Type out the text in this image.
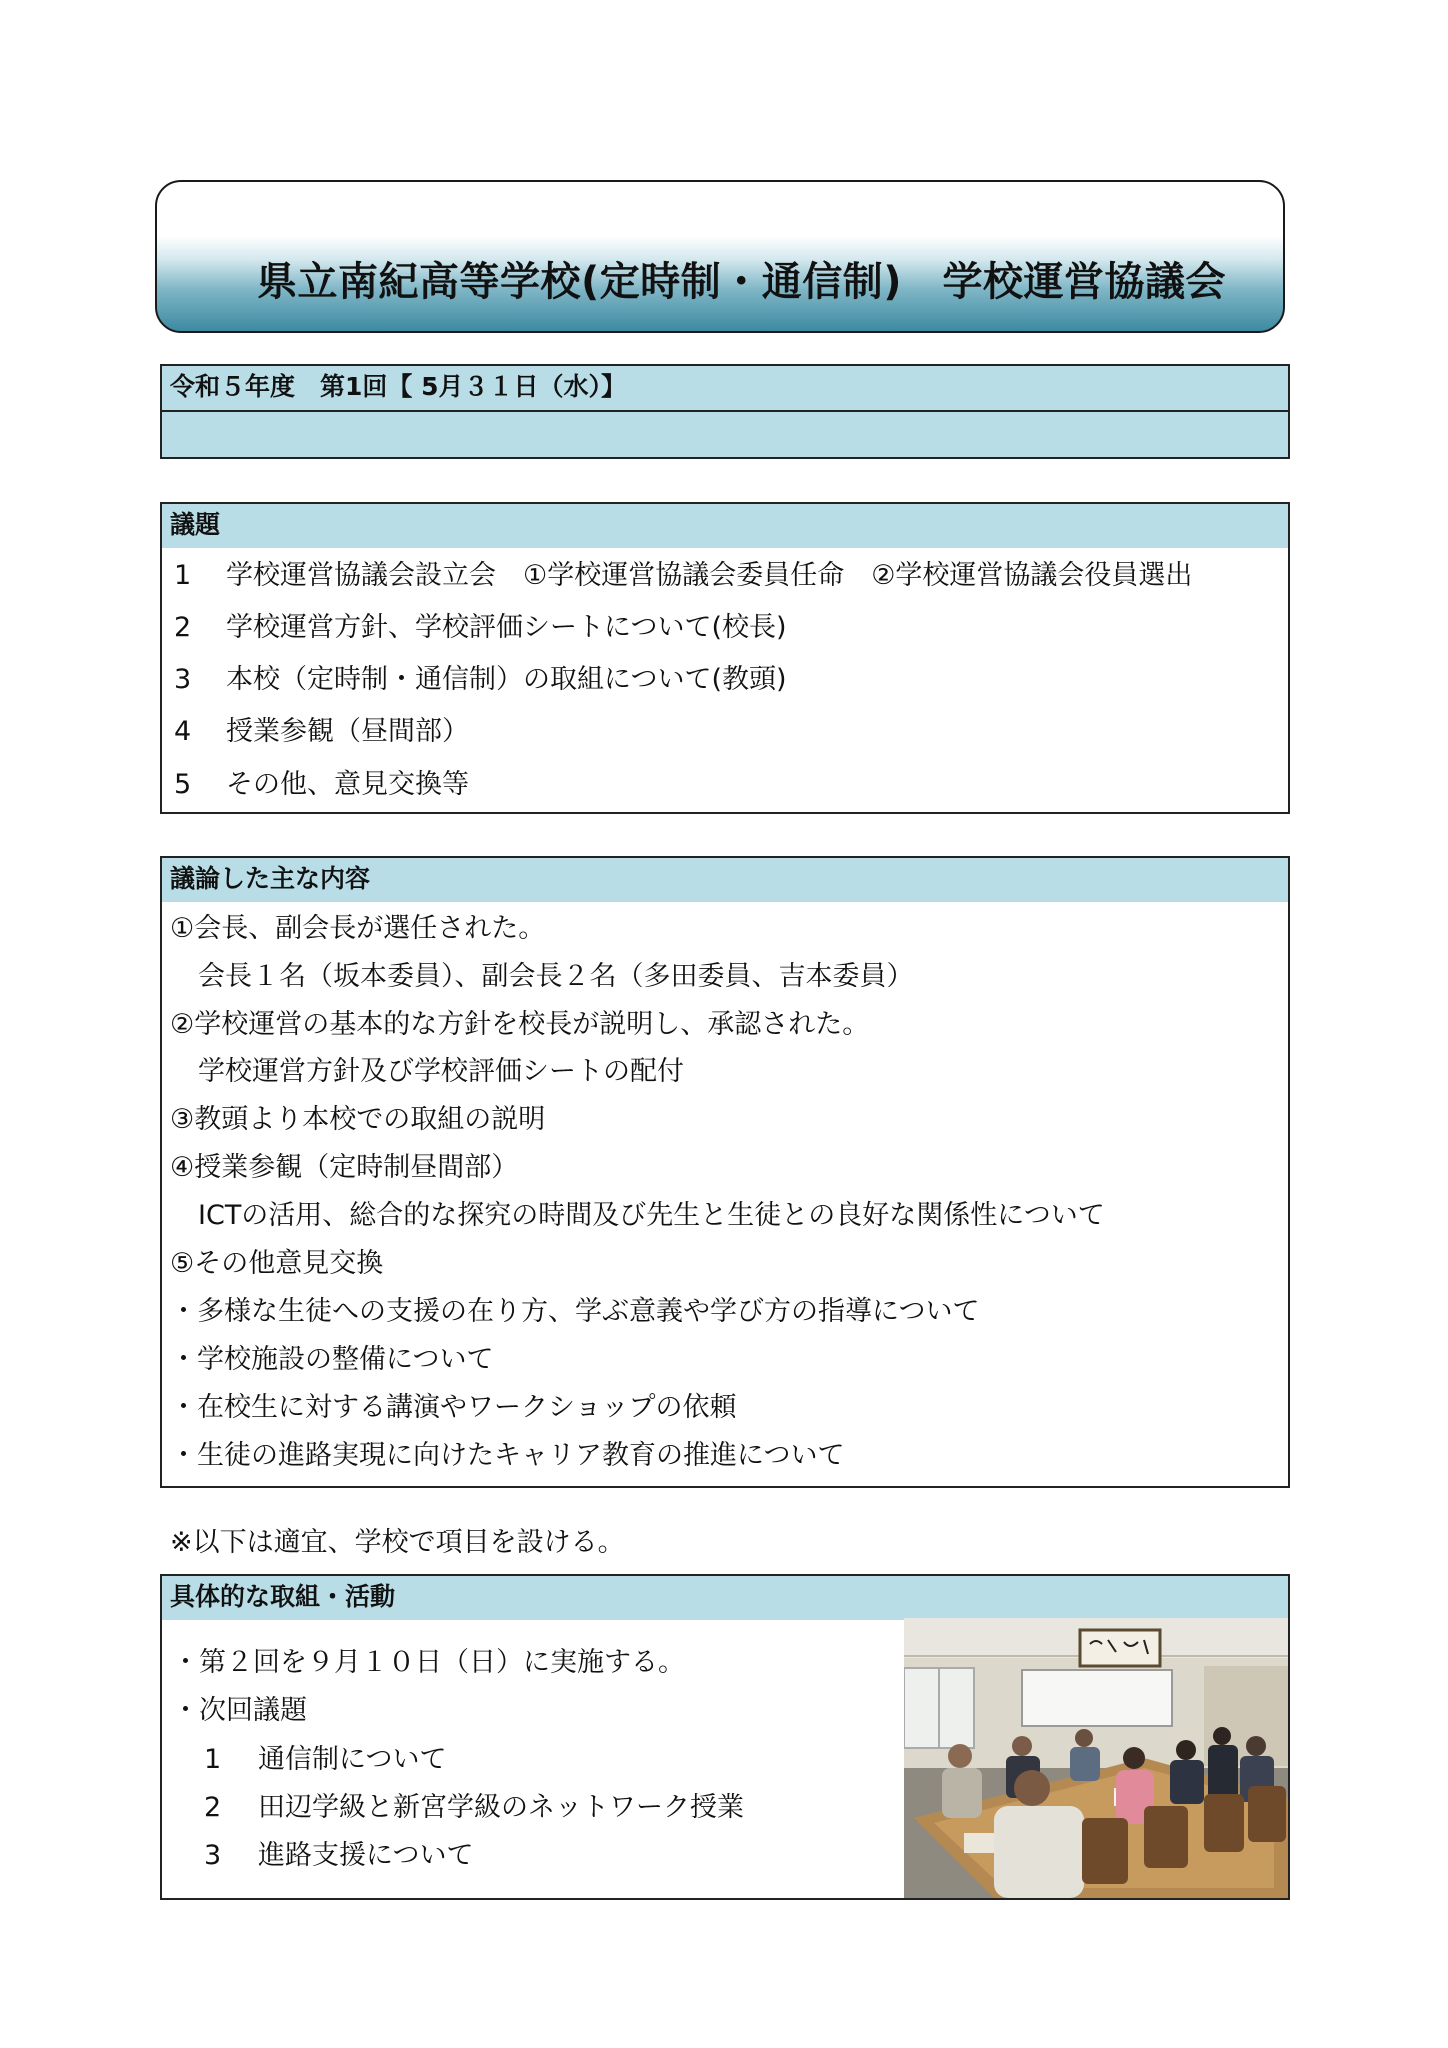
県立南紀高等学校(定時制・通信制)　学校運営協議会
令和５年度　第1回【 5月３１日（水）】
議題
1 学校運営協議会設立会　①学校運営協議会委員任命　②学校運営協議会役員選出
2 学校運営方針、学校評価シートについて(校長)
3 本校（定時制・通信制）の取組について(教頭)
4 授業参観（昼間部）
5 その他、意見交換等
議論した主な内容
①会長、副会長が選任された。
会長１名（坂本委員）、副会長２名（多田委員、吉本委員）
②学校運営の基本的な方針を校長が説明し、承認された。
学校運営方針及び学校評価シートの配付
③教頭より本校での取組の説明
④授業参観（定時制昼間部）
ICTの活用、総合的な探究の時間及び先生と生徒との良好な関係性について
⑤その他意見交換
・多様な生徒への支援の在り方、学ぶ意義や学び方の指導について
・学校施設の整備について
・在校生に対する講演やワークショップの依頼
・生徒の進路実現に向けたキャリア教育の推進について
※以下は適宜、学校で項目を設ける。
具体的な取組・活動
・第２回を９月１０日（日）に実施する。
・次回議題
1 通信制について
2 田辺学級と新宮学級のネットワーク授業
3 進路支援について
